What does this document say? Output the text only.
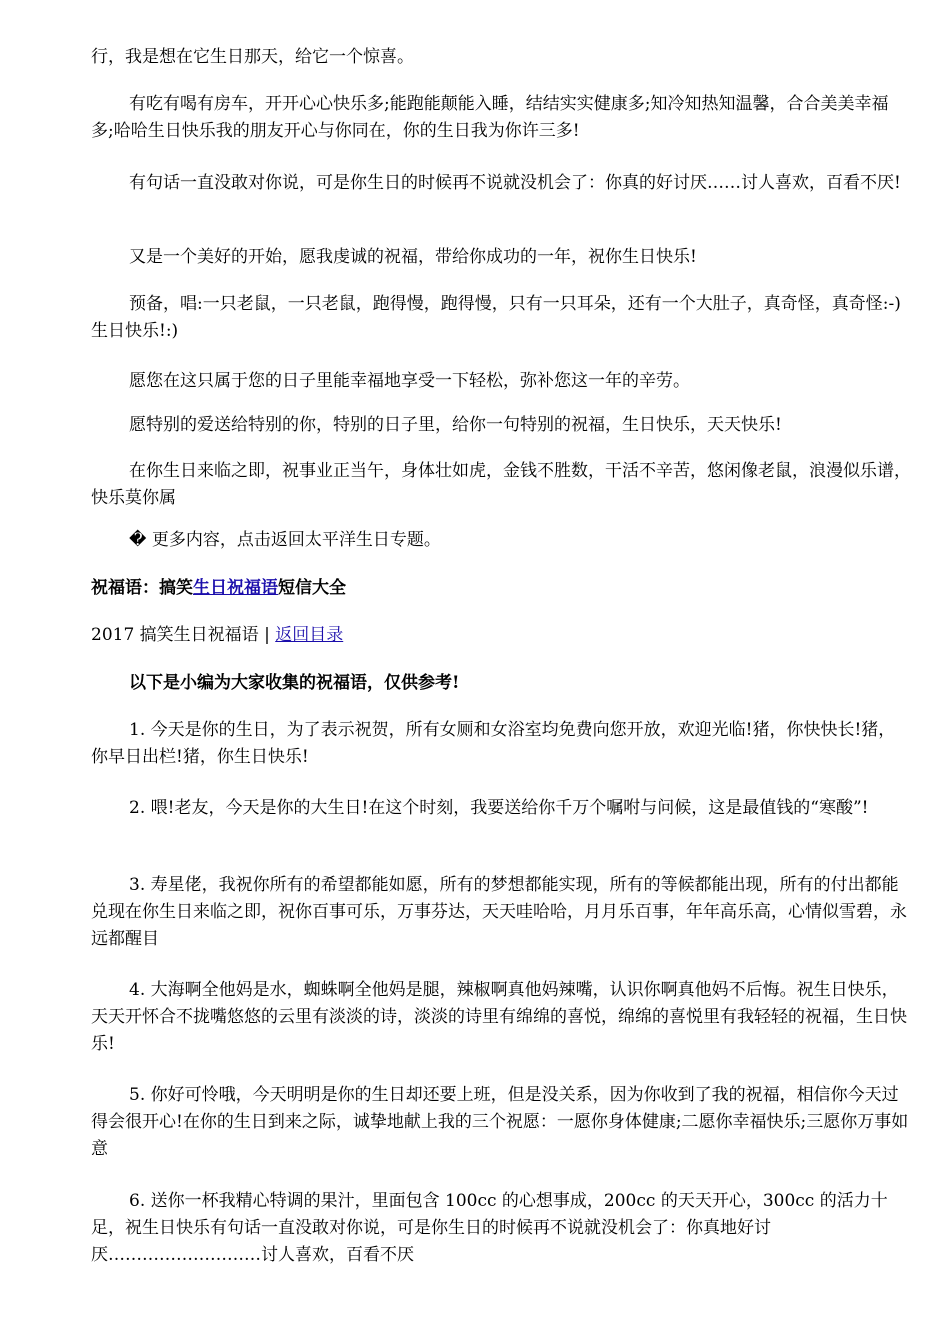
行，我是想在它生日那天，给它一个惊喜。

有吃有喝有房车，开开心心快乐多;能跑能颠能入睡，结结实实健康多;知冷知热知温馨，合合美美幸福多;哈哈生日快乐我的朋友开心与你同在，你的生日我为你许三多!

有句话一直没敢对你说，可是你生日的时候再不说就没机会了：你真的好讨厌……讨人喜欢，百看不厌!

又是一个美好的开始，愿我虔诚的祝福，带给你成功的一年，祝你生日快乐!

预备，唱:一只老鼠，一只老鼠，跑得慢，跑得慢，只有一只耳朵，还有一个大肚子，真奇怪，真奇怪:-)生日快乐!:)

愿您在这只属于您的日子里能幸福地享受一下轻松，弥补您这一年的辛劳。

愿特别的爱送给特别的你，特别的日子里，给你一句特别的祝福，生日快乐，天天快乐!

在你生日来临之即，祝事业正当午，身体壮如虎，金钱不胜数，干活不辛苦，悠闲像老鼠，浪漫似乐谱，快乐莫你属

� 更多内容，点击返回太平洋生日专题。

祝福语：搞笑生日祝福语短信大全

2017 搞笑生日祝福语 | 返回目录

以下是小编为大家收集的祝福语，仅供参考!

1. 今天是你的生日，为了表示祝贺，所有女厕和女浴室均免费向您开放，欢迎光临!猪，你快快长!猪，你早日出栏!猪，你生日快乐!

2. 喂!老友，今天是你的大生日!在这个时刻，我要送给你千万个嘱咐与问候，这是最值钱的“寒酸”!

3. 寿星佬，我祝你所有的希望都能如愿，所有的梦想都能实现，所有的等候都能出现，所有的付出都能兑现在你生日来临之即，祝你百事可乐，万事芬达，天天哇哈哈，月月乐百事，年年高乐高，心情似雪碧，永远都醒目

4. 大海啊全他妈是水，蜘蛛啊全他妈是腿，辣椒啊真他妈辣嘴，认识你啊真他妈不后悔。祝生日快乐，天天开怀合不拢嘴悠悠的云里有淡淡的诗，淡淡的诗里有绵绵的喜悦，绵绵的喜悦里有我轻轻的祝福，生日快乐!

5. 你好可怜哦，今天明明是你的生日却还要上班，但是没关系，因为你收到了我的祝福，相信你今天过得会很开心!在你的生日到来之际，诚挚地献上我的三个祝愿：一愿你身体健康;二愿你幸福快乐;三愿你万事如意

6. 送你一杯我精心特调的果汁，里面包含 100cc 的心想事成，200cc 的天天开心，300cc 的活力十足，祝生日快乐有句话一直没敢对你说，可是你生日的时候再不说就没机会了：你真地好讨厌………………………讨人喜欢，百看不厌
